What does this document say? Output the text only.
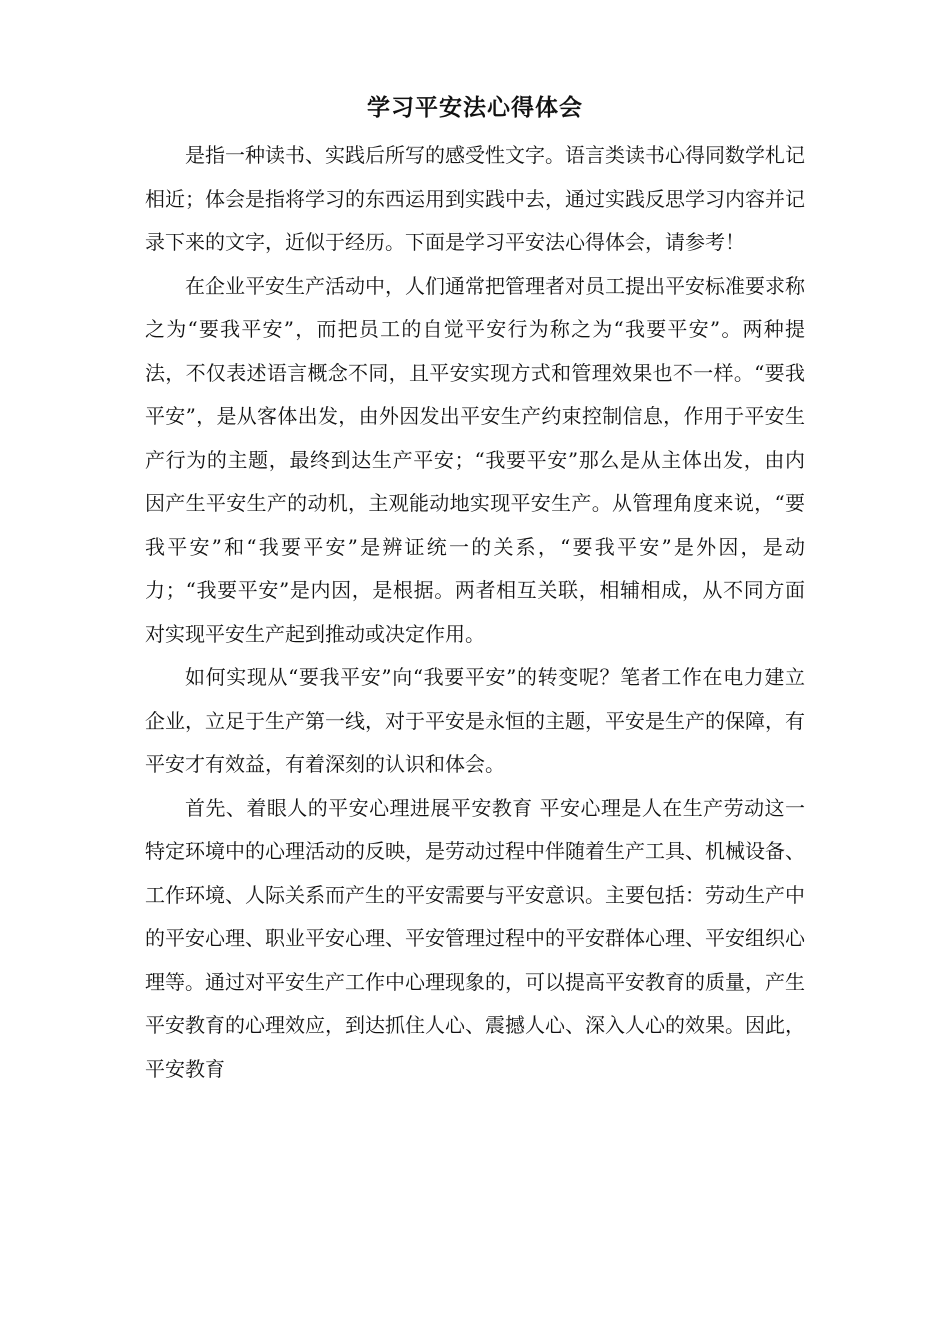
学习平安法心得体会

是指一种读书、实践后所写的感受性文字。语言类读书心得同数学札记相近；体会是指将学习的东西运用到实践中去，通过实践反思学习内容并记录下来的文字，近似于经历。下面是学习平安法心得体会，请参考！

在企业平安生产活动中，人们通常把管理者对员工提出平安标准要求称之为“要我平安”，而把员工的自觉平安行为称之为“我要平安”。两种提法，不仅表述语言概念不同，且平安实现方式和管理效果也不一样。“要我平安”，是从客体出发，由外因发出平安生产约束控制信息，作用于平安生产行为的主题，最终到达生产平安；“我要平安”那么是从主体出发，由内因产生平安生产的动机，主观能动地实现平安生产。从管理角度来说，“要我平安”和“我要平安”是辨证统一的关系，“要我平安”是外因，是动力；“我要平安”是内因，是根据。两者相互关联，相辅相成，从不同方面对实现平安生产起到推动或决定作用。

如何实现从“要我平安”向“我要平安”的转变呢？笔者工作在电力建立企业，立足于生产第一线，对于平安是永恒的主题，平安是生产的保障，有平安才有效益，有着深刻的认识和体会。

首先、着眼人的平安心理进展平安教育 平安心理是人在生产劳动这一特定环境中的心理活动的反映，是劳动过程中伴随着生产工具、机械设备、工作环境、人际关系而产生的平安需要与平安意识。主要包括：劳动生产中的平安心理、职业平安心理、平安管理过程中的平安群体心理、平安组织心理等。通过对平安生产工作中心理现象的，可以提高平安教育的质量，产生平安教育的心理效应，到达抓住人心、震撼人心、深入人心的效果。因此，平安教育
